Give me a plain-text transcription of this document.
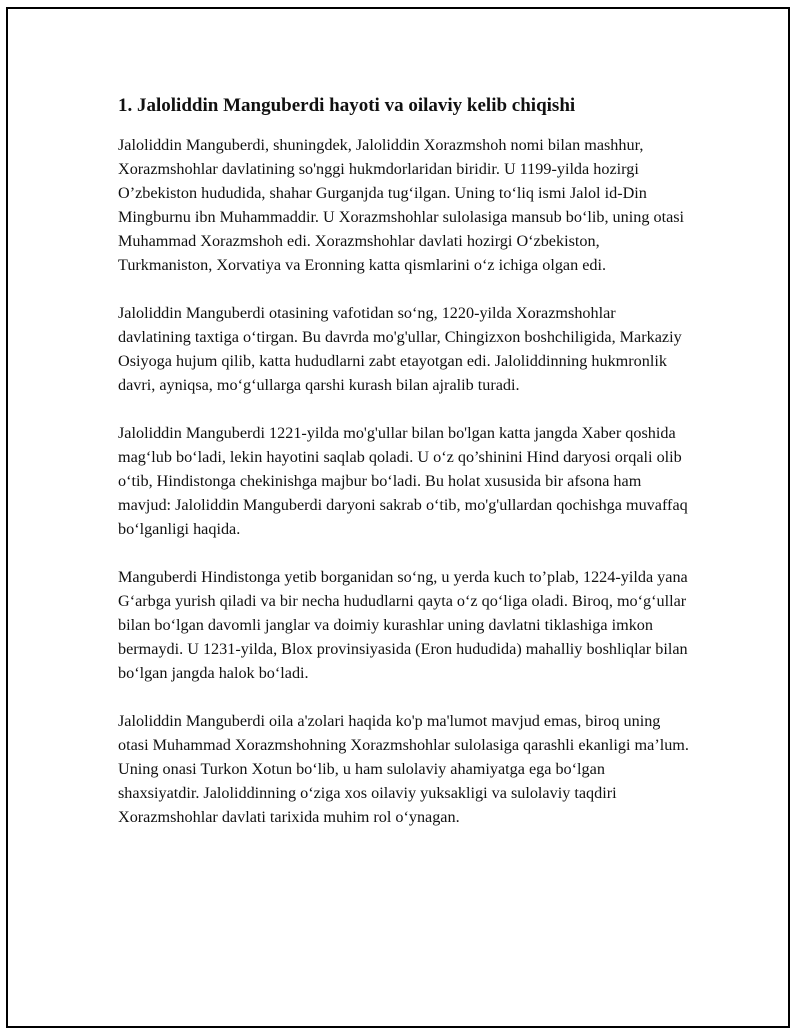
1. Jaloliddin Manguberdi hayoti va oilaviy kelib chiqishi

Jaloliddin Manguberdi, shuningdek, Jaloliddin Xorazmshoh nomi bilan mashhur, Xorazmshohlar davlatining so'nggi hukmdorlaridan biridir. U 1199-yilda hozirgi O’zbekiston hududida, shahar Gurganjda tug‘ilgan. Uning to‘liq ismi Jalol id-Din Mingburnu ibn Muhammaddir. U Xorazmshohlar sulolasiga mansub bo‘lib, uning otasi Muhammad Xorazmshoh edi. Xorazmshohlar davlati hozirgi O‘zbekiston, Turkmaniston, Xorvatiya va Eronning katta qismlarini o‘z ichiga olgan edi.

Jaloliddin Manguberdi otasining vafotidan so‘ng, 1220-yilda Xorazmshohlar davlatining taxtiga o‘tirgan. Bu davrda mo'g'ullar, Chingizxon boshchiligida, Markaziy Osiyoga hujum qilib, katta hududlarni zabt etayotgan edi. Jaloliddinning hukmronlik davri, ayniqsa, mo‘g‘ullarga qarshi kurash bilan ajralib turadi.

Jaloliddin Manguberdi 1221-yilda mo'g'ullar bilan bo'lgan katta jangda Xaber qoshida mag‘lub bo‘ladi, lekin hayotini saqlab qoladi. U o‘z qo’shinini Hind daryosi orqali olib o‘tib, Hindistonga chekinishga majbur bo‘ladi. Bu holat xususida bir afsona ham mavjud: Jaloliddin Manguberdi daryoni sakrab o‘tib, mo'g'ullardan qochishga muvaffaq bo‘lganligi haqida.

Manguberdi Hindistonga yetib borganidan so‘ng, u yerda kuch to’plab, 1224-yilda yana G‘arbga yurish qiladi va bir necha hududlarni qayta o‘z qo‘liga oladi. Biroq, mo‘g‘ullar bilan bo‘lgan davomli janglar va doimiy kurashlar uning davlatni tiklashiga imkon bermaydi. U 1231-yilda, Blox provinsiyasida (Eron hududida) mahalliy boshliqlar bilan bo‘lgan jangda halok bo‘ladi.

Jaloliddin Manguberdi oila a'zolari haqida ko'p ma'lumot mavjud emas, biroq uning otasi Muhammad Xorazmshohning Xorazmshohlar sulolasiga qarashli ekanligi ma’lum. Uning onasi Turkon Xotun bo‘lib, u ham sulolaviy ahamiyatga ega bo‘lgan shaxsiyatdir. Jaloliddinning o‘ziga xos oilaviy yuksakligi va sulolaviy taqdiri Xorazmshohlar davlati tarixida muhim rol o‘ynagan.
